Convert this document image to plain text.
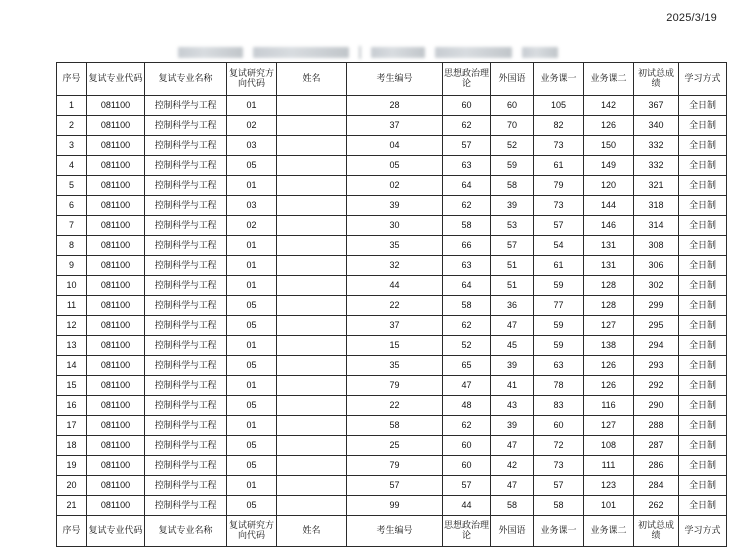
2025/3/19
序号	复试专业代码	复试专业名称	复试研究方向代码	姓名	考生编号	思想政治理论	外国语	业务课一	业务课二	初试总成绩	学习方式
1	081100	控制科学与工程	01		28	60	60	105	142	367	全日制
2	081100	控制科学与工程	02		37	62	70	82	126	340	全日制
3	081100	控制科学与工程	03		04	57	52	73	150	332	全日制
4	081100	控制科学与工程	05		05	63	59	61	149	332	全日制
5	081100	控制科学与工程	01		02	64	58	79	120	321	全日制
6	081100	控制科学与工程	03		39	62	39	73	144	318	全日制
7	081100	控制科学与工程	02		30	58	53	57	146	314	全日制
8	081100	控制科学与工程	01		35	66	57	54	131	308	全日制
9	081100	控制科学与工程	01		32	63	51	61	131	306	全日制
10	081100	控制科学与工程	01		44	64	51	59	128	302	全日制
11	081100	控制科学与工程	05		22	58	36	77	128	299	全日制
12	081100	控制科学与工程	05		37	62	47	59	127	295	全日制
13	081100	控制科学与工程	01		15	52	45	59	138	294	全日制
14	081100	控制科学与工程	05		35	65	39	63	126	293	全日制
15	081100	控制科学与工程	01		79	47	41	78	126	292	全日制
16	081100	控制科学与工程	05		22	48	43	83	116	290	全日制
17	081100	控制科学与工程	01		58	62	39	60	127	288	全日制
18	081100	控制科学与工程	05		25	60	47	72	108	287	全日制
19	081100	控制科学与工程	05		79	60	42	73	111	286	全日制
20	081100	控制科学与工程	01		57	57	47	57	123	284	全日制
21	081100	控制科学与工程	05		99	44	58	58	101	262	全日制
序号	复试专业代码	复试专业名称	复试研究方向代码	姓名	考生编号	思想政治理论	外国语	业务课一	业务课二	初试总成绩	学习方式
